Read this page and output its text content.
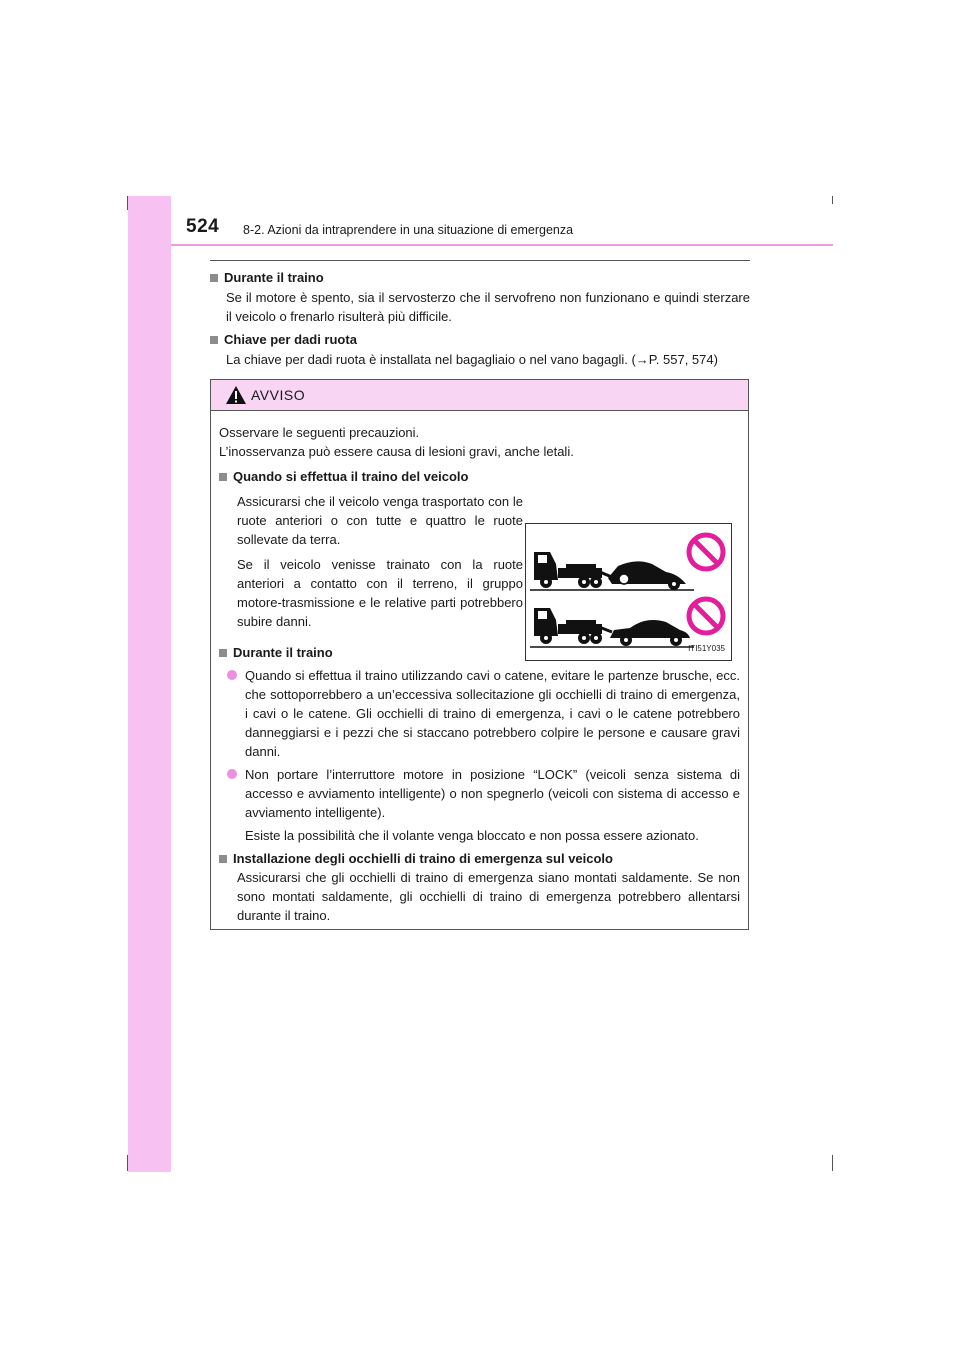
524 8-2. Azioni da intraprendere in una situazione di emergenza
Durante il traino

Se il motore è spento, sia il servosterzo che il servofreno non funzionano e quindi sterzare il veicolo o frenarlo risulterà più difficile.

Chiave per dadi ruota

La chiave per dadi ruota è installata nel bagagliaio o nel vano bagagli. (→P. 557, 574)

AVVISO

Osservare le seguenti precauzioni.

L’inosservanza può essere causa di lesioni gravi, anche letali.

Quando si effettua il traino del veicolo

Assicurarsi che il veicolo venga trasportato con le ruote anteriori o con tutte e quattro le ruote sollevate da terra.

Se il veicolo venisse trainato con la ruote anteriori a contatto con il terreno, il gruppo motore-trasmissione e le relative parti potrebbero subire danni.

ITI51Y035
Durante il traino
Quando si effettua il traino utilizzando cavi o catene, evitare le partenze brusche, ecc. che sottoporrebbero a un’eccessiva sollecitazione gli occhielli di traino di emergenza, i cavi o le catene. Gli occhielli di traino di emergenza, i cavi o le catene potrebbero danneggiarsi e i pezzi che si staccano potrebbero colpire le persone e causare gravi danni.
Non portare l’interruttore motore in posizione “LOCK” (veicoli senza sistema di accesso e avviamento intelligente) o non spegnerlo (veicoli con sistema di accesso e avviamento intelligente).

Esiste la possibilità che il volante venga bloccato e non possa essere azionato.

Installazione degli occhielli di traino di emergenza sul veicolo

Assicurarsi che gli occhielli di traino di emergenza siano montati saldamente. Se non sono montati saldamente, gli occhielli di traino di emergenza potrebbero allentarsi durante il traino.
